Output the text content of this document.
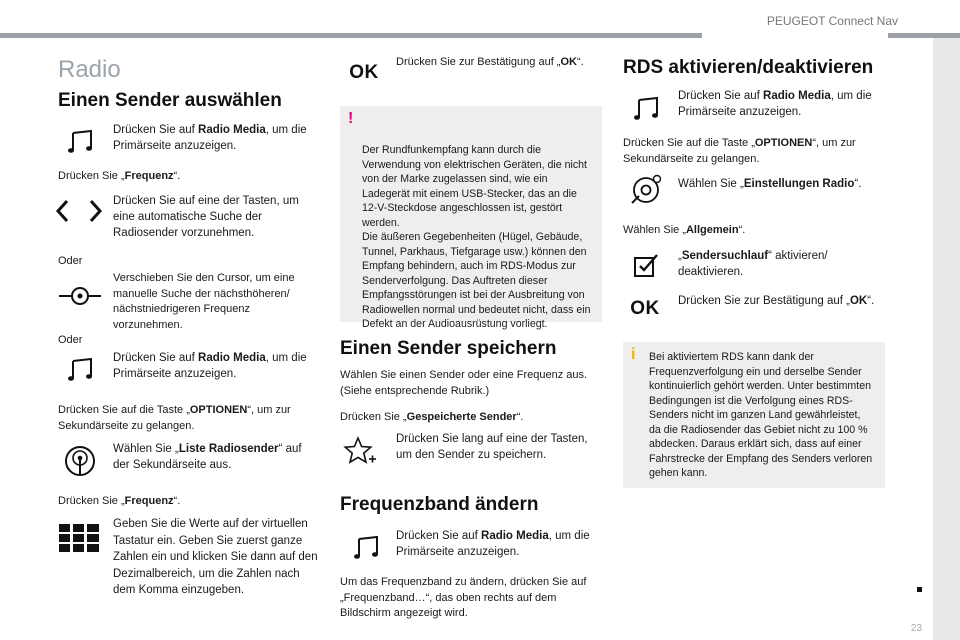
PEUGEOT Connect Nav
Radio
Einen Sender auswählen
Drücken Sie auf Radio Media, um die Primärseite anzuzeigen.
Drücken Sie „Frequenz“.
Drücken Sie auf eine der Tasten, um eine automatische Suche der Radiosender vorzunehmen.
Oder
Verschieben Sie den Cursor, um eine manuelle Suche der nächsthöheren/ nächstniedrigeren Frequenz vorzunehmen.
Oder
Drücken Sie auf Radio Media, um die Primärseite anzuzeigen.
Drücken Sie auf die Taste „OPTIONEN“, um zur Sekundärseite zu gelangen.
Wählen Sie „Liste Radiosender“ auf der Sekundärseite aus.
Drücken Sie „Frequenz“.
Geben Sie die Werte auf der virtuellen Tastatur ein. Geben Sie zuerst ganze Zahlen ein und klicken Sie dann auf den Dezimalbereich, um die Zahlen nach dem Komma einzugeben.
OK Drücken Sie zur Bestätigung auf „OK“.

!

Der Rundfunkempfang kann durch die Verwendung von elektrischen Geräten, die nicht von der Marke zugelassen sind, wie ein Ladegerät mit einem USB-Stecker, das an die 12-V-Steckdose angeschlossen ist, gestört werden.
Die äußeren Gegebenheiten (Hügel, Gebäude, Tunnel, Parkhaus, Tiefgarage usw.) können den Empfang behindern, auch im RDS-Modus zur Senderverfolgung. Das Auftreten dieser Empfangsstörungen ist bei der Ausbreitung von Radiowellen normal und bedeutet nicht, dass ein Defekt an der Audioausrüstung vorliegt.

Einen Sender speichern
Wählen Sie einen Sender oder eine Frequenz aus. (Siehe entsprechende Rubrik.)
Drücken Sie „Gespeicherte Sender“.
Drücken Sie lang auf eine der Tasten, um den Sender zu speichern.
Frequenzband ändern
Drücken Sie auf Radio Media, um die Primärseite anzuzeigen.
Um das Frequenzband zu ändern, drücken Sie auf „Frequenzband…“, das oben rechts auf dem Bildschirm angezeigt wird.
RDS aktivieren/deaktivieren
Drücken Sie auf Radio Media, um die Primärseite anzuzeigen.
Drücken Sie auf die Taste „OPTIONEN“, um zur Sekundärseite zu gelangen.
Wählen Sie „Einstellungen Radio“.
Wählen Sie „Allgemein“.
„Sendersuchlauf“ aktivieren/ deaktivieren.
OK Drücken Sie zur Bestätigung auf „OK“.
i Bei aktiviertem RDS kann dank der Frequenzverfolgung ein und derselbe Sender kontinuierlich gehört werden. Unter bestimmten Bedingungen ist die Verfolgung eines RDS-Senders nicht im ganzen Land gewährleistet, da die Radiosender das Gebiet nicht zu 100 % abdecken. Daraus erklärt sich, dass auf einer Fahrstrecke der Empfang des Senders verloren gehen kann.
23
